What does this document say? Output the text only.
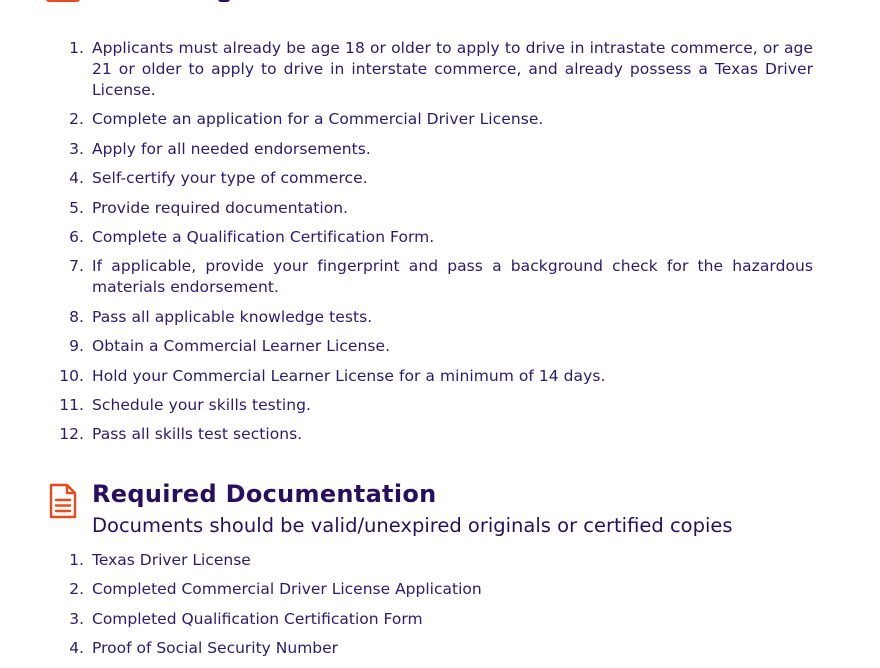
1. Applicants must already be age 18 or older to apply to drive in intrastate commerce, or age 21 or older to apply to drive in interstate commerce, and already possess a Texas Driver License.
2. Complete an application for a Commercial Driver License.
3. Apply for all needed endorsements.
4. Self-certify your type of commerce.
5. Provide required documentation.
6. Complete a Qualification Certification Form.
7. If applicable, provide your fingerprint and pass a background check for the hazardous materials endorsement.
8. Pass all applicable knowledge tests.
9. Obtain a Commercial Learner License.
10. Hold your Commercial Learner License for a minimum of 14 days.
11. Schedule your skills testing.
12. Pass all skills test sections.
Required Documentation

Documents should be valid/unexpired originals or certified copies

1. Texas Driver License
2. Completed Commercial Driver License Application
3. Completed Qualification Certification Form
4. Proof of Social Security Number
